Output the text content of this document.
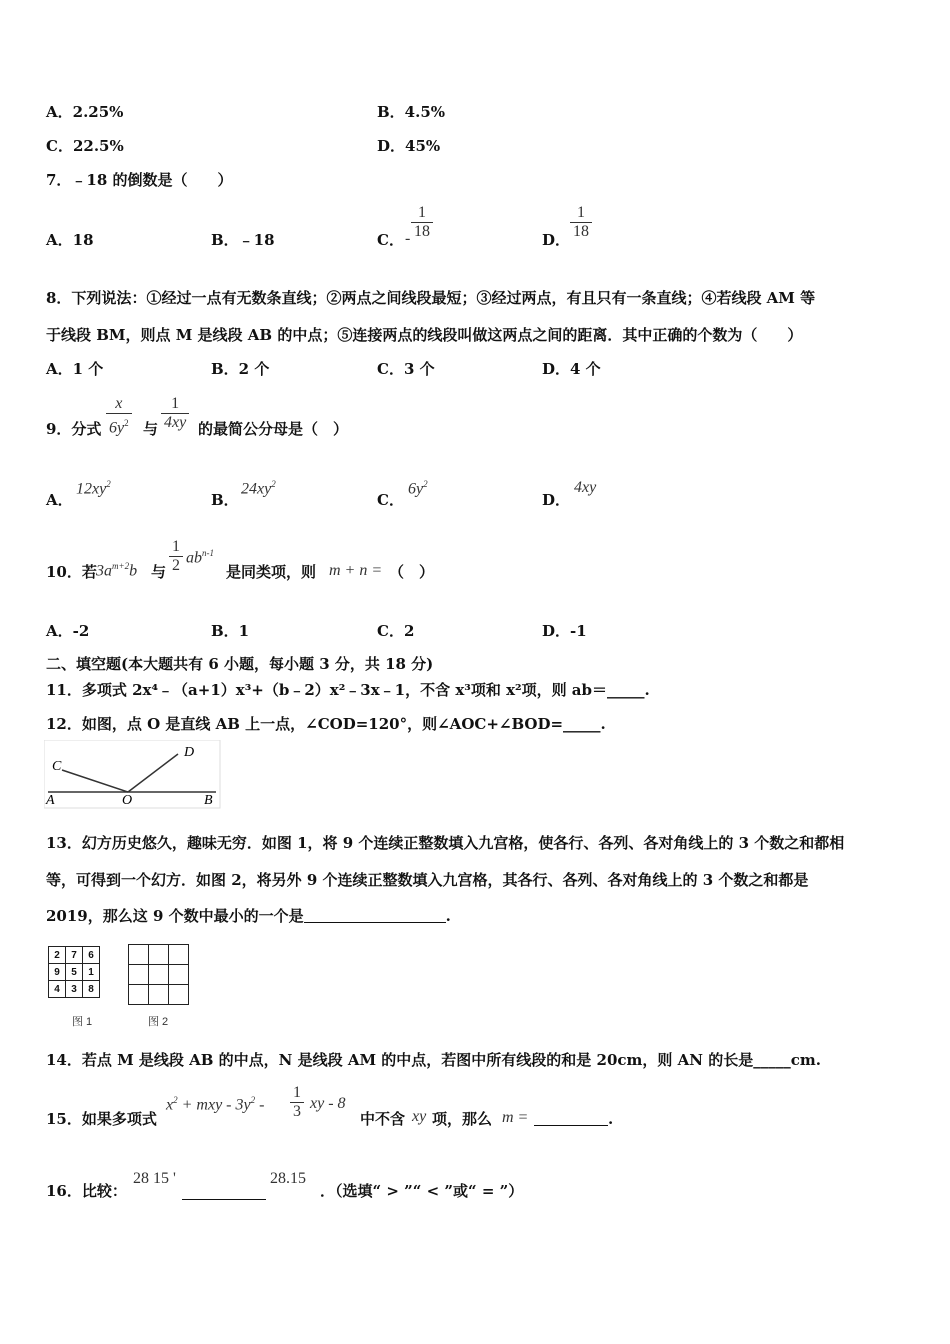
A．2.25%	B．4.5%
C．22.5%	D．45%
7．﹣18 的倒数是（　　）
A．18	B．﹣18	C． - $\frac{1}{18}$	D． $\frac{1}{18}$
8．下列说法：①经过一点有无数条直线；②两点之间线段最短；③经过两点，有且只有一条直线；④若线段 AM 等
于线段 BM，则点 M 是线段 AB 的中点；⑤连接两点的线段叫做这两点之间的距离．其中正确的个数为（　　）
A．1 个	B．2 个	C．3 个	D．4 个
9．分式 $\frac{x}{6y^2}$ 与 $\frac{1}{4xy}$ 的最简公分母是（　）
A．
$12xy^2$
B．
$24xy^2$
C．
$6y^2$
D．
4xy
10．若 $3a^{m+2}b$ 与 $\frac{1}{2} ab^{n-1}$
是同类项，则 m + n = （　）
A．-2	B．1	C．2	D．-1
二、填空题(本大题共有 6 小题，每小题 3 分，共 18 分)
11．多项式 2x⁴﹣（a+1）x³+（b﹣2）x²﹣3x﹣1，不含 x³项和 x²项，则 ab＝_____.
12．如图，点 O 是直线 AB 上一点，∠COD=120°，则∠AOC+∠BOD=_____.
A	O	B
C
D
13．幻方历史悠久，趣味无穷．如图 1，将 9 个连续正整数填入九宫格，使各行、各列、各对角线上的 3 个数之和都相
等，可得到一个幻方．如图 2，将另外 9 个连续正整数填入九宫格，其各行、各列、各对角线上的 3 个数之和都是
2019，那么这 9 个数中最小的一个是	.
2	7	6
9	5	1
4	3	8
图 1

			图 2
14．若点 M 是线段 AB 的中点，N 是线段 AM 的中点，若图中所有线段的和是 20cm，则 AN 的长是_____cm.
15．如果多项式
$x^2$ + mxy - $3y^2 - \frac{1}{3}$ xy - 8
中不含 xy 项，那么 m =	.
16．比较：
28 15 '	28.15
．（选填“ > ”“ < ”或“ = ”）
